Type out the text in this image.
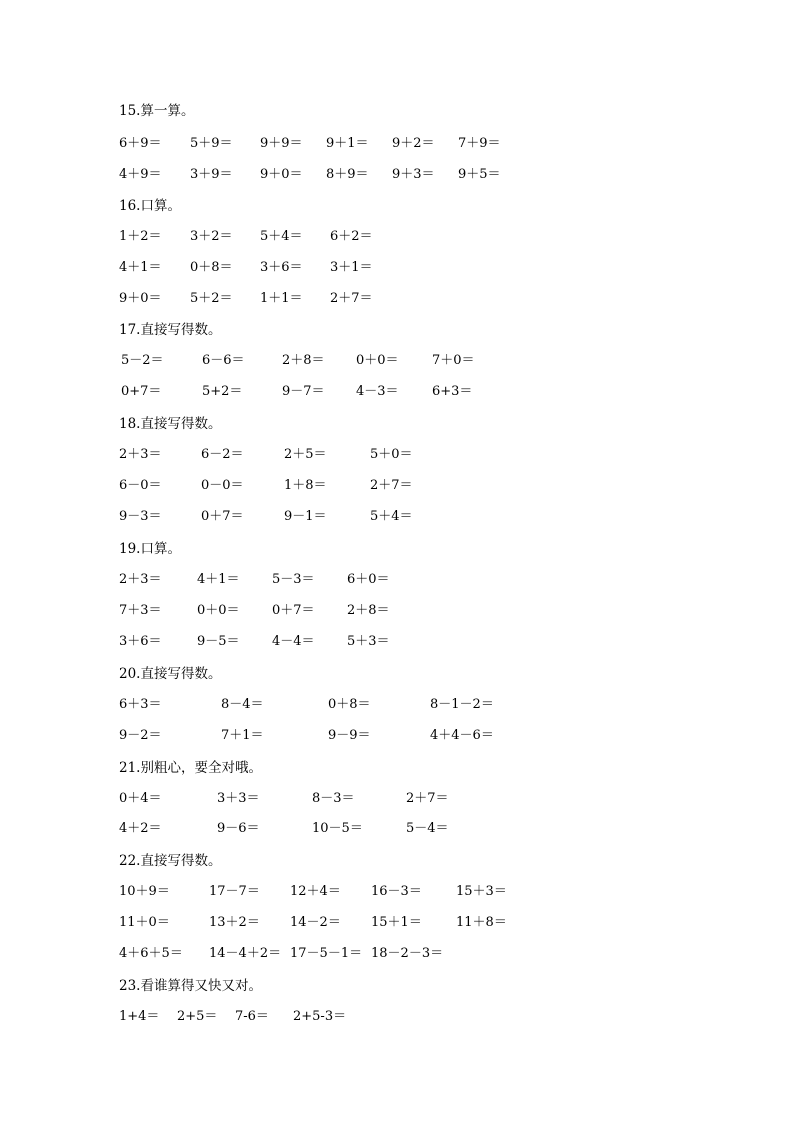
15.算一算。
6＋9＝ 5＋9＝ 9＋9＝ 9＋1＝ 9＋2＝ 7＋9＝
4＋9＝ 3＋9＝ 9＋0＝ 8＋9＝ 9＋3＝ 9＋5＝
16.口算。
1＋2＝ 3＋2＝ 5＋4＝ 6＋2＝
4＋1＝ 0＋8＝ 3＋6＝ 3＋1＝
9＋0＝ 5＋2＝ 1＋1＝ 2＋7＝
17.直接写得数。
5－2＝	6－6＝	2＋8＝ 0＋0＝	7＋0＝
0+7＝	5+2＝	9－7＝ 4－3＝	6+3＝
18.直接写得数。
2＋3＝	6－2＝	2＋5＝	5＋0＝
6－0＝	0－0＝	1＋8＝	2＋7＝
9－3＝	0＋7＝	9－1＝	5＋4＝
19.口算。
2＋3＝	4＋1＝ 5－3＝ 6＋0＝
7＋3＝	0＋0＝ 0＋7＝ 2＋8＝
3＋6＝	9－5＝ 4－4＝ 5＋3＝
20.直接写得数。
6＋3＝	8－4＝	0＋8＝	8－1－2＝
9－2＝	7＋1＝	9－9＝	4＋4－6＝
21.别粗心，要全对哦。
0＋4＝	3＋3＝	8－3＝	2＋7＝
4＋2＝	9－6＝	10－5＝	5－4＝
22.直接写得数。
10＋9＝	17－7＝ 12＋4＝ 16－3＝	15＋3＝
11＋0＝	13＋2＝ 14－2＝ 15＋1＝	11＋8＝
4＋6＋5＝ 14－4＋2＝ 17－5－1＝ 18－2－3＝
23.看谁算得又快又对。
1+4＝ 2+5＝ 7-6＝ 2+5-3＝
